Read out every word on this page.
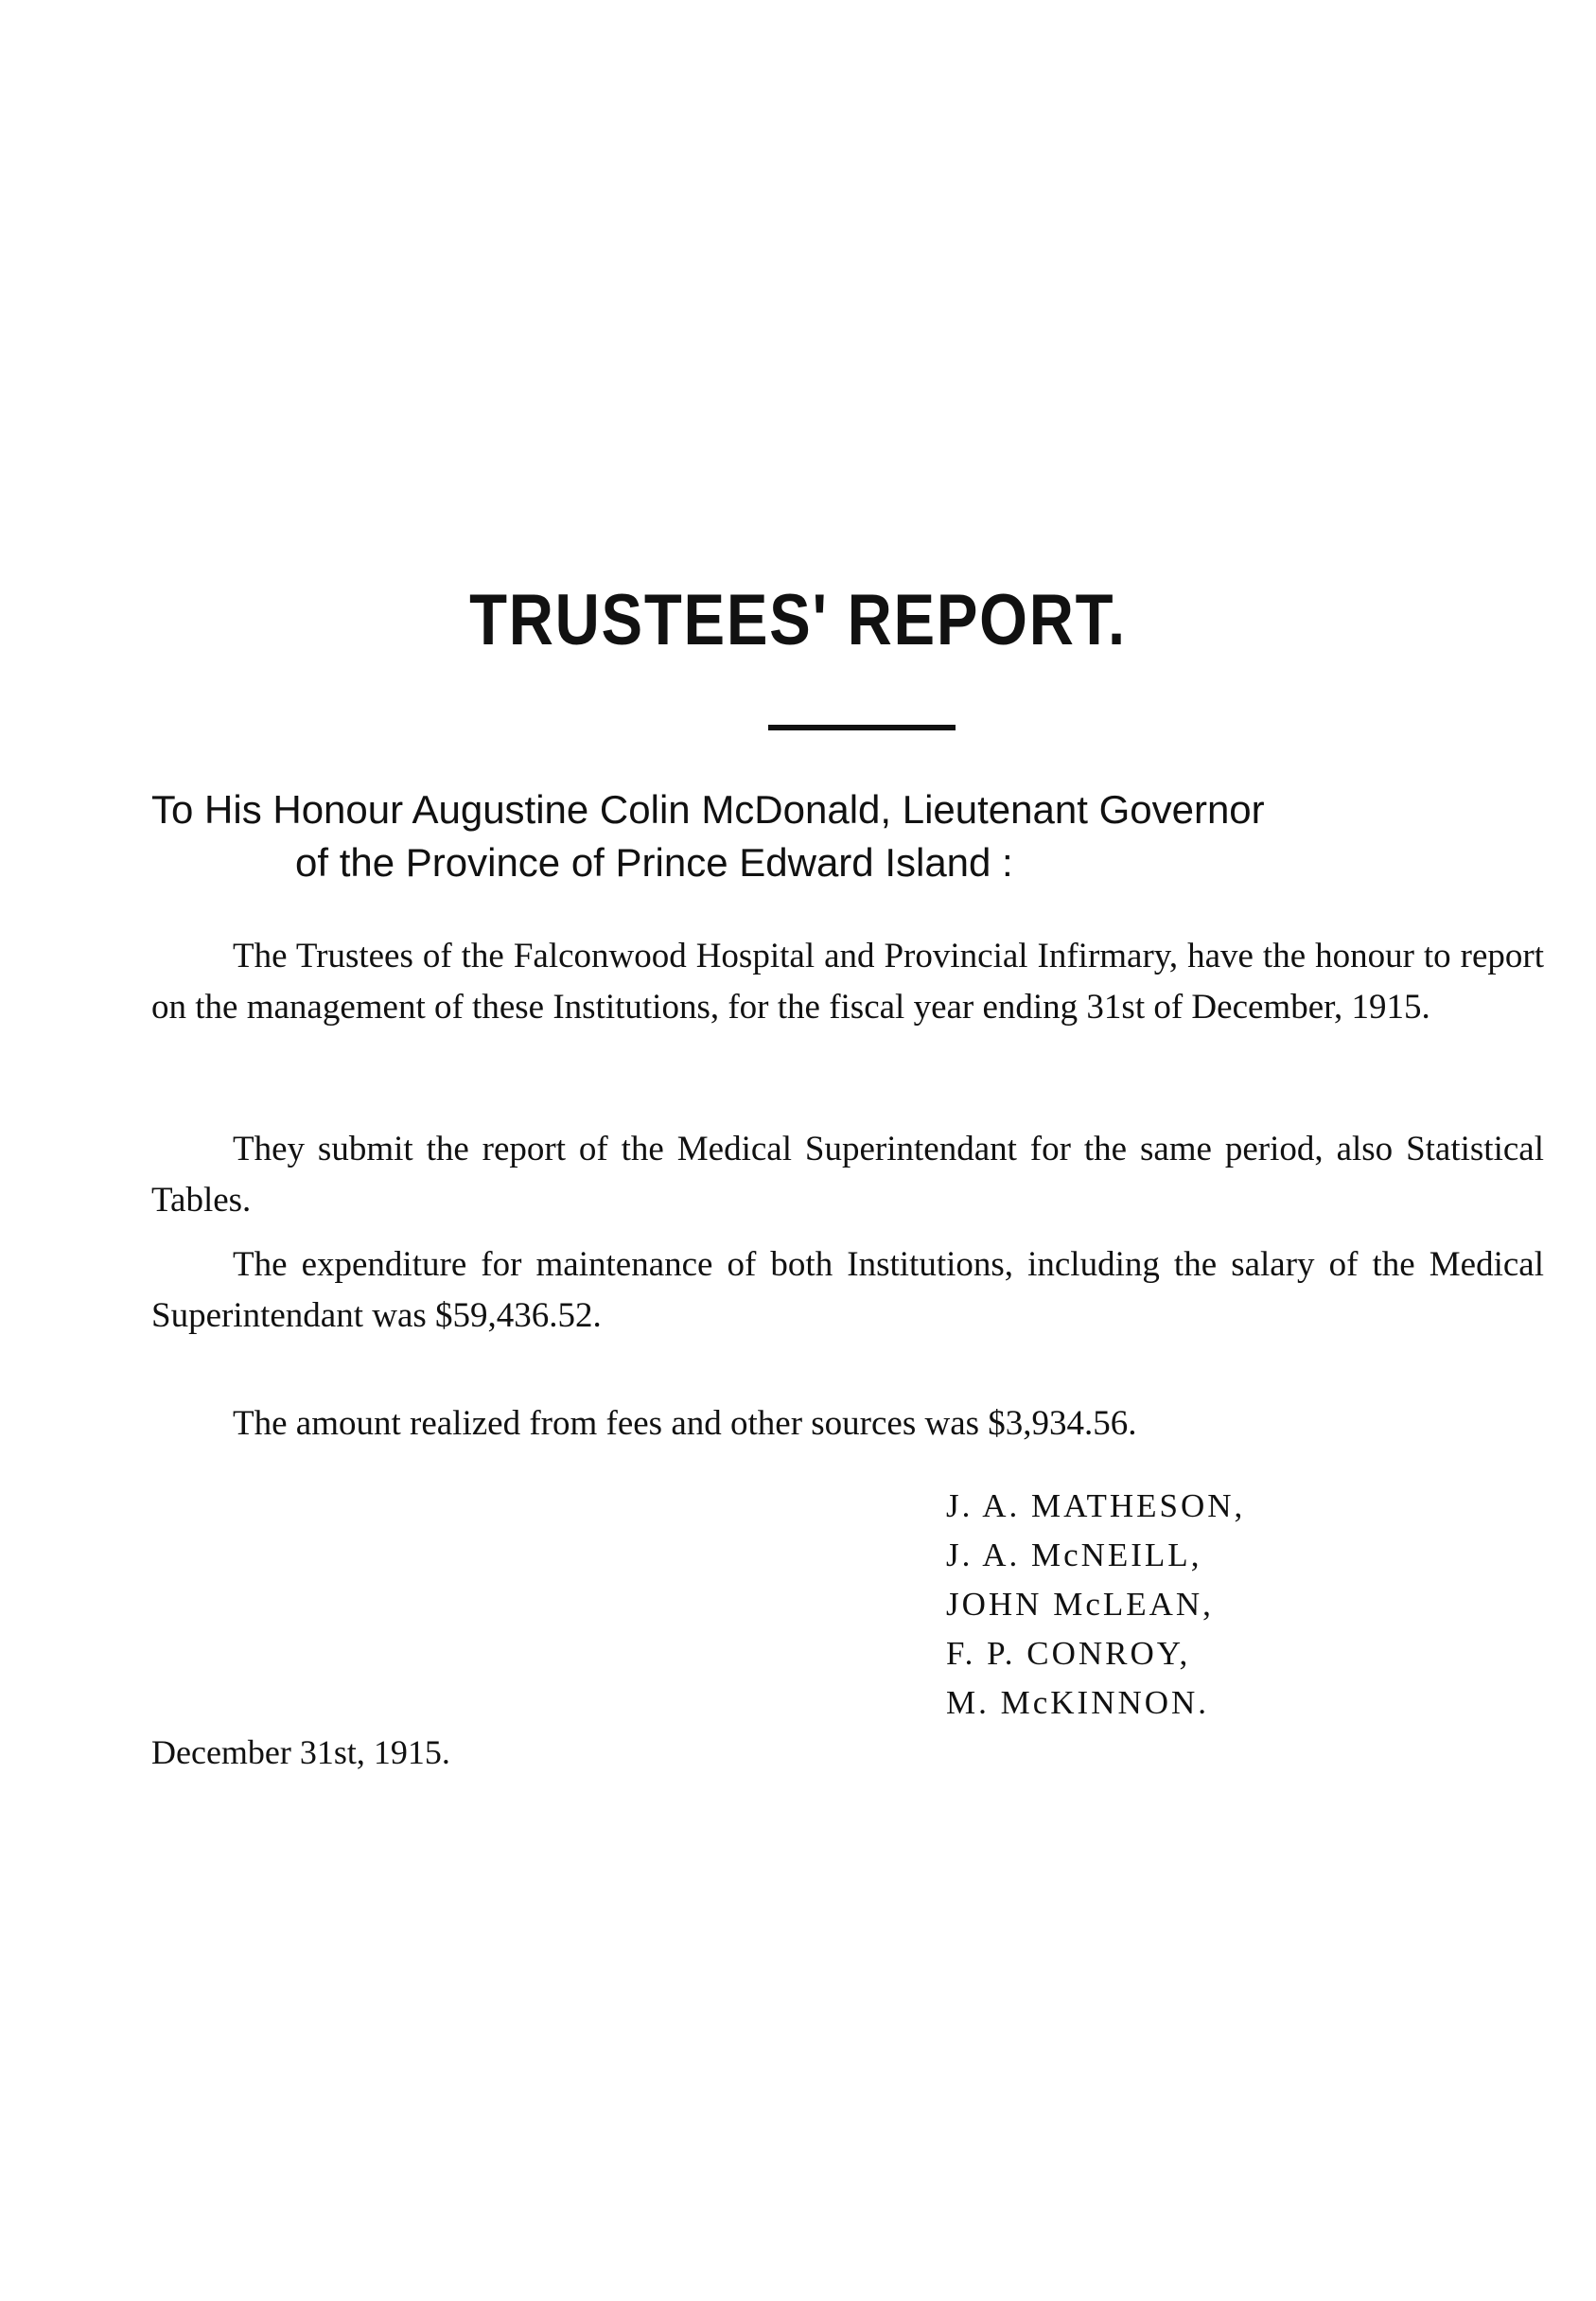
TRUSTEES' REPORT.

To His Honour Augustine Colin McDonald, Lieutenant Governor
of the Province of Prince Edward Island :

The Trustees of the Falconwood Hospital and Provincial Infirmary, have the honour to report on the management of these Institutions, for the fiscal year ending 31st of December, 1915.

They submit the report of the Medical Superintendant for the same period, also Statistical Tables.

The expenditure for maintenance of both Institutions, including the salary of the Medical Superintendant was $59,436.52.

The amount realized from fees and other sources was $3,934.56.

J. A. MATHESON,
J. A. McNEILL,
JOHN McLEAN,
F. P. CONROY,
M. McKINNON.

December 31st, 1915.
